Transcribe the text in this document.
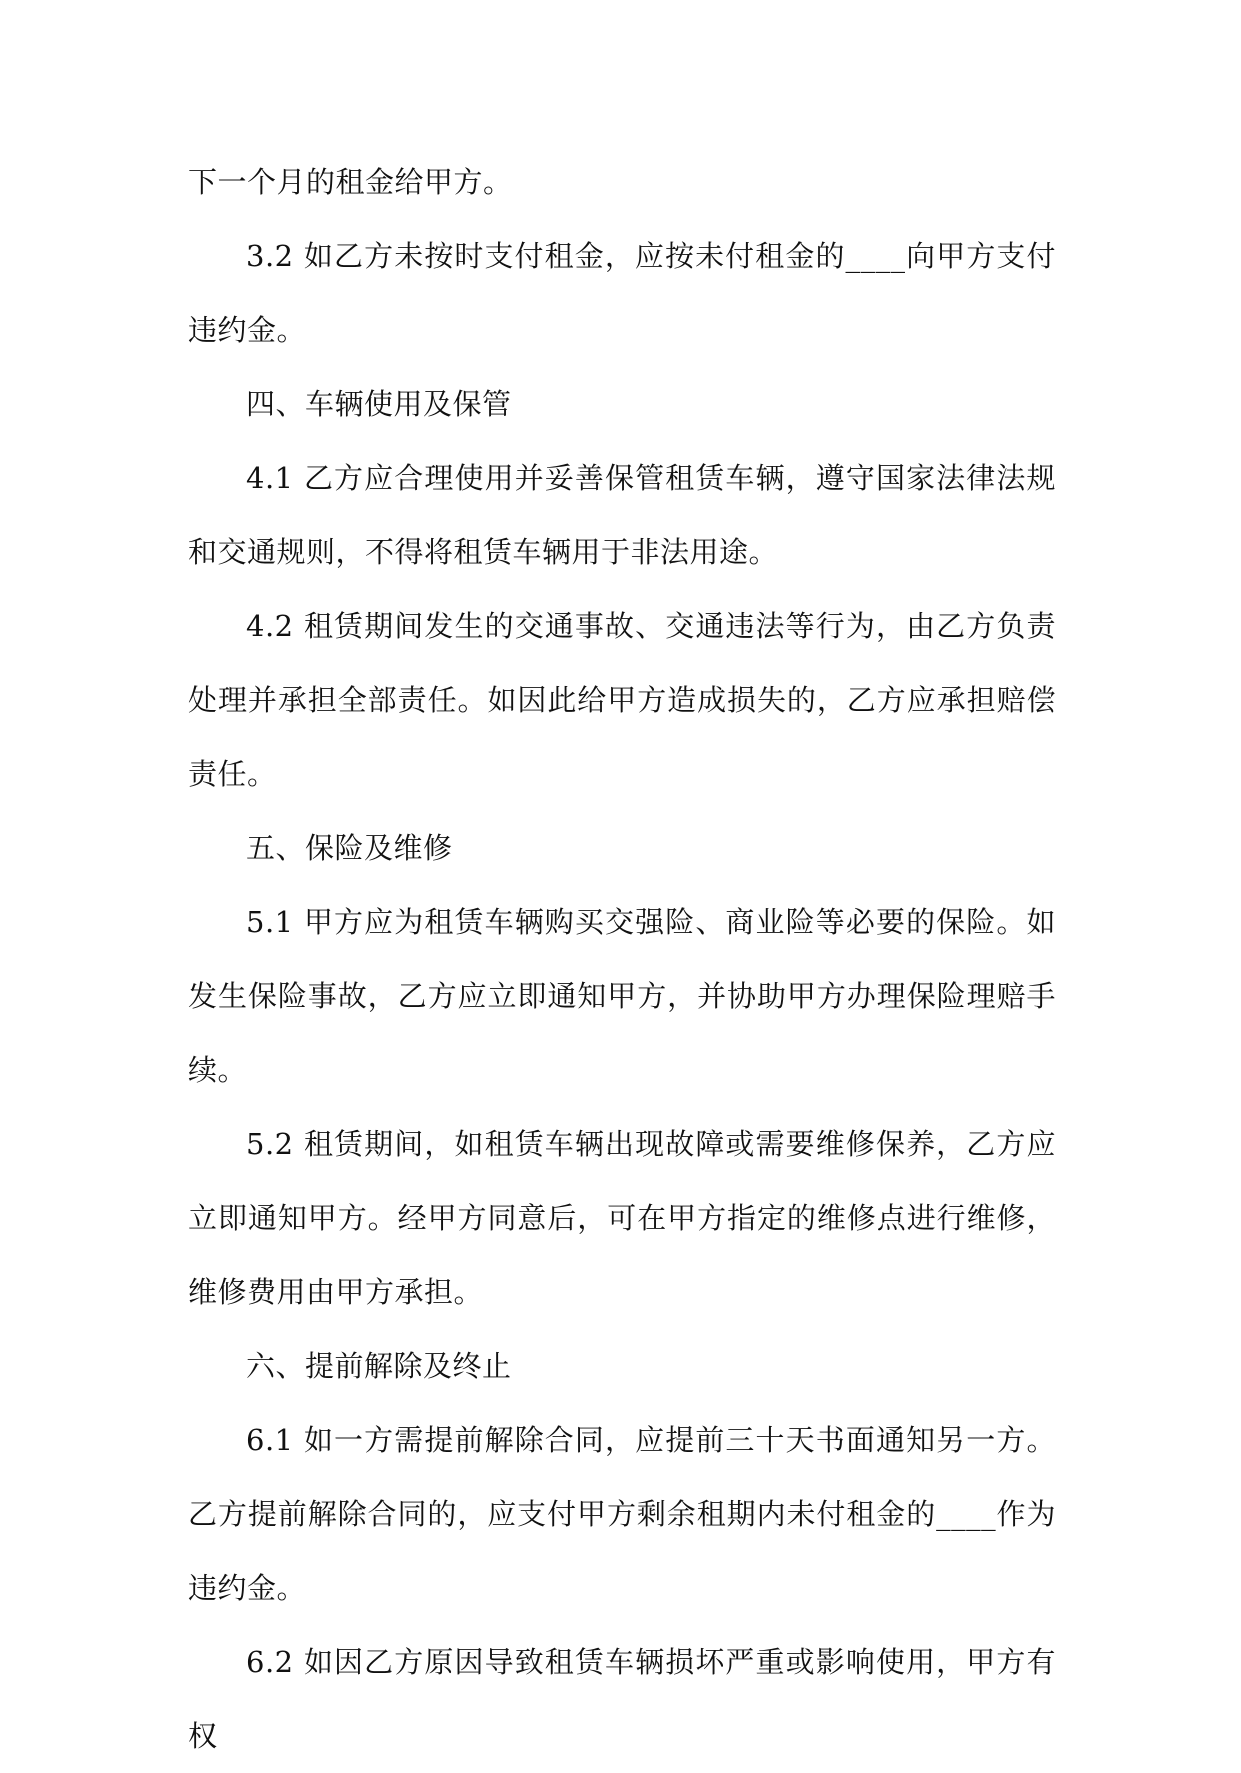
下一个月的租金给甲方。

3.2 如乙方未按时支付租金，应按未付租金的____向甲方支付违约金。

四、车辆使用及保管

4.1 乙方应合理使用并妥善保管租赁车辆，遵守国家法律法规和交通规则，不得将租赁车辆用于非法用途。

4.2 租赁期间发生的交通事故、交通违法等行为，由乙方负责处理并承担全部责任。如因此给甲方造成损失的，乙方应承担赔偿责任。

五、保险及维修

5.1 甲方应为租赁车辆购买交强险、商业险等必要的保险。如发生保险事故，乙方应立即通知甲方，并协助甲方办理保险理赔手续。

5.2 租赁期间，如租赁车辆出现故障或需要维修保养，乙方应立即通知甲方。经甲方同意后，可在甲方指定的维修点进行维修，维修费用由甲方承担。

六、提前解除及终止

6.1 如一方需提前解除合同，应提前三十天书面通知另一方。乙方提前解除合同的，应支付甲方剩余租期内未付租金的____作为违约金。

6.2 如因乙方原因导致租赁车辆损坏严重或影响使用，甲方有权
